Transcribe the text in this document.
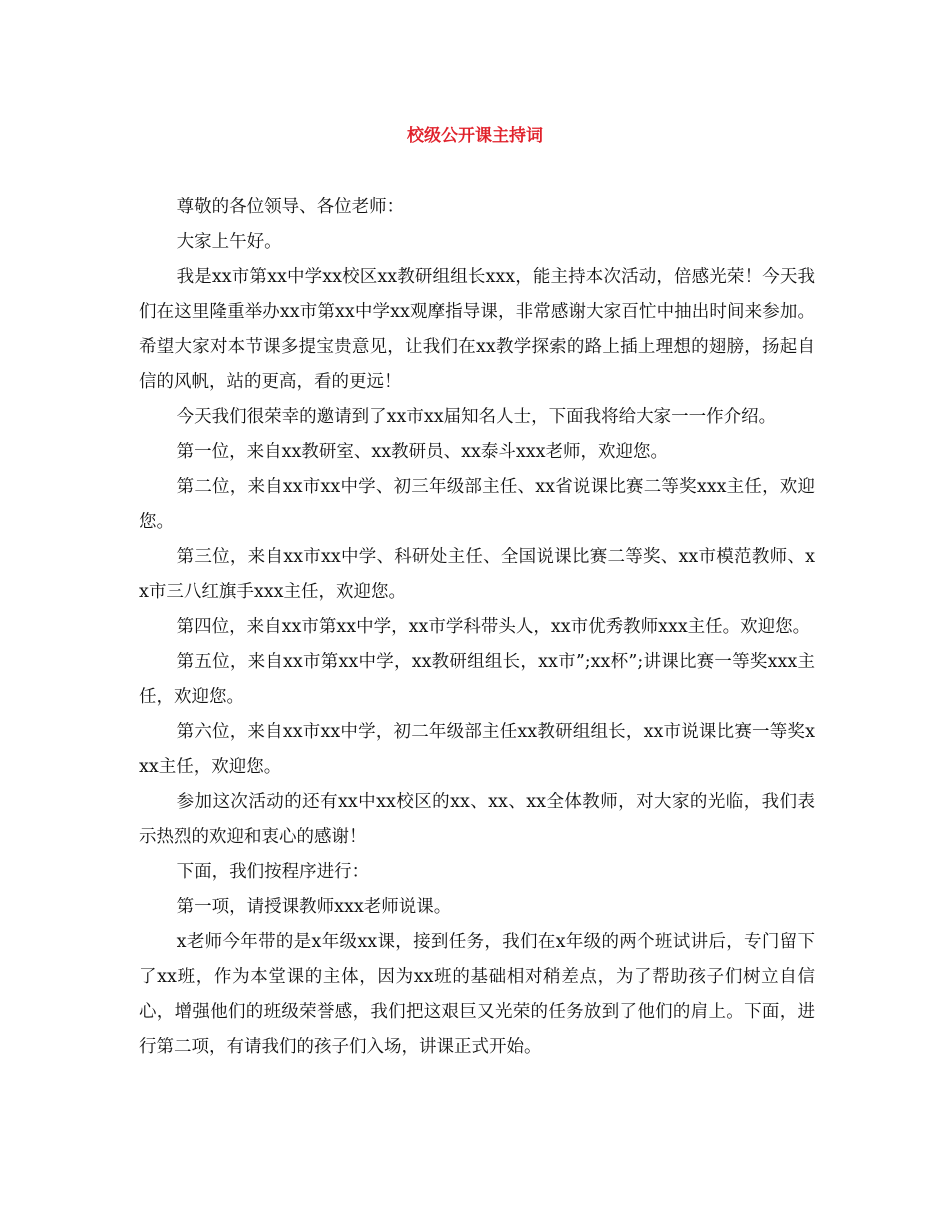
校级公开课主持词

尊敬的各位领导、各位老师：

大家上午好。

我是xx市第xx中学xx校区xx教研组组长xxx，能主持本次活动，倍感光荣！今天我们在这里隆重举办xx市第xx中学xx观摩指导课，非常感谢大家百忙中抽出时间来参加。希望大家对本节课多提宝贵意见，让我们在xx教学探索的路上插上理想的翅膀，扬起自信的风帆，站的更高，看的更远！

今天我们很荣幸的邀请到了xx市xx届知名人士，下面我将给大家一一作介绍。

第一位，来自xx教研室、xx教研员、xx泰斗xxx老师，欢迎您。

第二位，来自xx市xx中学、初三年级部主任、xx省说课比赛二等奖xxx主任，欢迎您。

第三位，来自xx市xx中学、科研处主任、全国说课比赛二等奖、xx市模范教师、xx市三八红旗手xxx主任，欢迎您。

第四位，来自xx市第xx中学，xx市学科带头人，xx市优秀教师xxx主任。欢迎您。

第五位，来自xx市第xx中学，xx教研组组长，xx市”;xx杯”;讲课比赛一等奖xxx主任，欢迎您。

第六位，来自xx市xx中学，初二年级部主任xx教研组组长，xx市说课比赛一等奖xxx主任，欢迎您。

参加这次活动的还有xx中xx校区的xx、xx、xx全体教师，对大家的光临，我们表示热烈的欢迎和衷心的感谢！

下面，我们按程序进行：

第一项，请授课教师xxx老师说课。

x老师今年带的是x年级xx课，接到任务，我们在x年级的两个班试讲后，专门留下了xx班，作为本堂课的主体，因为xx班的基础相对稍差点，为了帮助孩子们树立自信心，增强他们的班级荣誉感，我们把这艰巨又光荣的任务放到了他们的肩上。下面，进行第二项，有请我们的孩子们入场，讲课正式开始。
